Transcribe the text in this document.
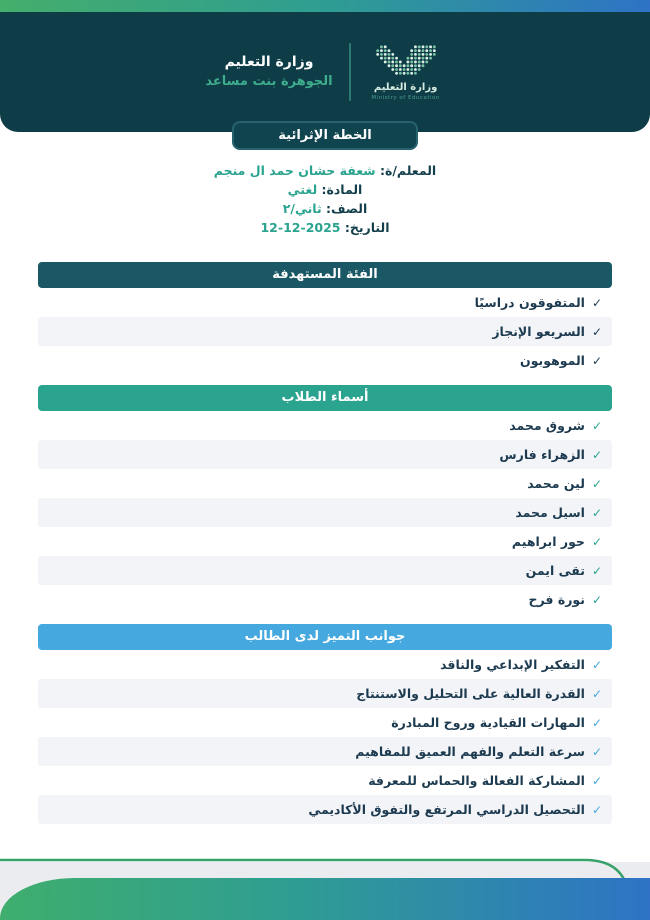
وزارة التعليم
Ministry of Education
وزارة التعليم
الجوهرة بنت مساعد
الخطة الإثرائية
المعلم/ة: شعفة حشان حمد ال منجم
المادة: لغتي
الصف: ثاني/٢
التاريخ: 2025-12-12
الفئة المستهدفة
✓المتفوقون دراسيًا
✓السريعو الإنجاز
✓الموهوبون
أسماء الطلاب
✓شروق محمد
✓الزهراء فارس
✓لين محمد
✓اسيل محمد
✓حور ابراهيم
✓تقى ايمن
✓نورة فرح
جوانب التميز لدى الطالب
✓التفكير الإبداعي والناقد
✓القدرة العالية على التحليل والاستنتاج
✓المهارات القيادية وروح المبادرة
✓سرعة التعلم والفهم العميق للمفاهيم
✓المشاركة الفعالة والحماس للمعرفة
✓التحصيل الدراسي المرتفع والتفوق الأكاديمي
